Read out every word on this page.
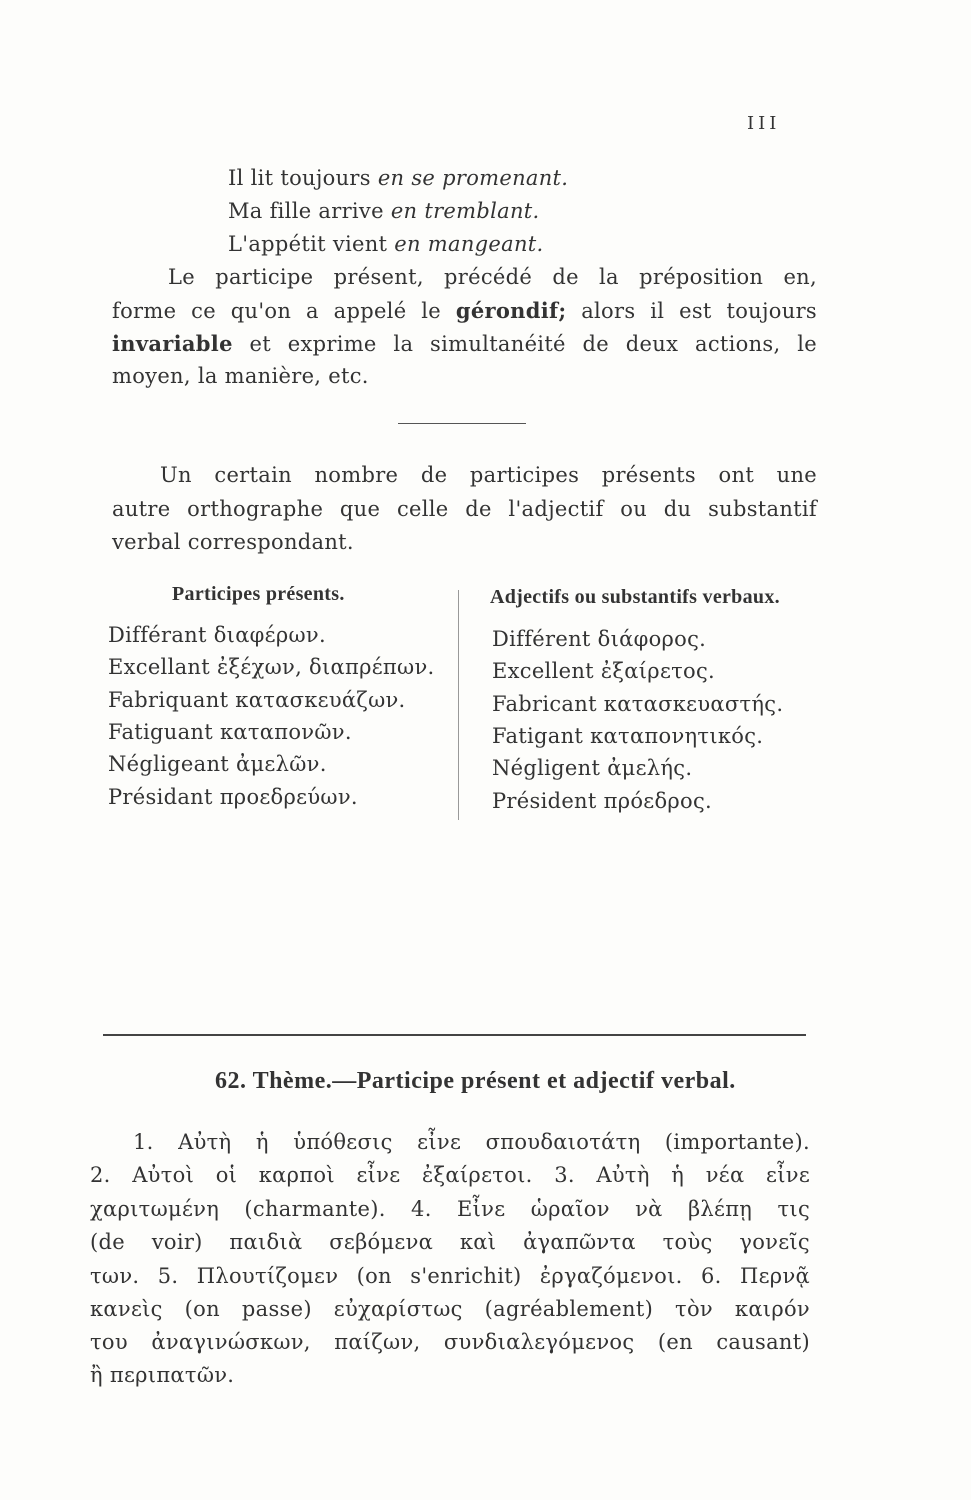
III
Il lit toujours en se promenant.
Ma fille arrive en tremblant.
L'appétit vient en mangeant.
Le participe présent, précédé de la préposition en,
forme ce qu'on a appelé le gérondif; alors il est toujours
invariable et exprime la simultanéité de deux actions, le
moyen, la manière, etc.
Un certain nombre de participes présents ont une
autre orthographe que celle de l'adjectif ou du substantif
verbal correspondant.
Participes présents.	Adjectifs ou substantifs verbaux.
Différant διαφέρων.
Excellant ἐξέχων, διαπρέπων.
Fabriquant κατασκευάζων.
Fatiguant καταπονῶν.
Négligeant ἀμελῶν.
Présidant προεδρεύων.
Différent διάφορος.
Excellent ἐξαίρετος.
Fabricant κατασκευαστής.
Fatigant καταπονητικός.
Négligent ἀμελής.
Président πρόεδρος.
62. Thème.—Participe présent et adjectif verbal.
1. Αὐτὴ ἡ ὑπόθεσις εἶνε σπουδαιοτάτη (importante).
2. Αὐτοὶ οἱ καρποὶ εἶνε ἐξαίρετοι. 3. Αὐτὴ ἡ νέα εἶνε
χαριτωμένη (charmante). 4. Εἶνε ὡραῖον νὰ βλέπῃ τις
(de voir) παιδιὰ σεβόμενα καὶ ἀγαπῶντα τοὺς γονεῖς
των. 5. Πλουτίζομεν (on s'enrichit) ἐργαζόμενοι. 6. Περνᾷ
κανεὶς (on passe) εὐχαρίστως (agréablement) τὸν καιρόν
του ἀναγινώσκων, παίζων, συνδιαλεγόμενος (en causant)
ἢ περιπατῶν.
